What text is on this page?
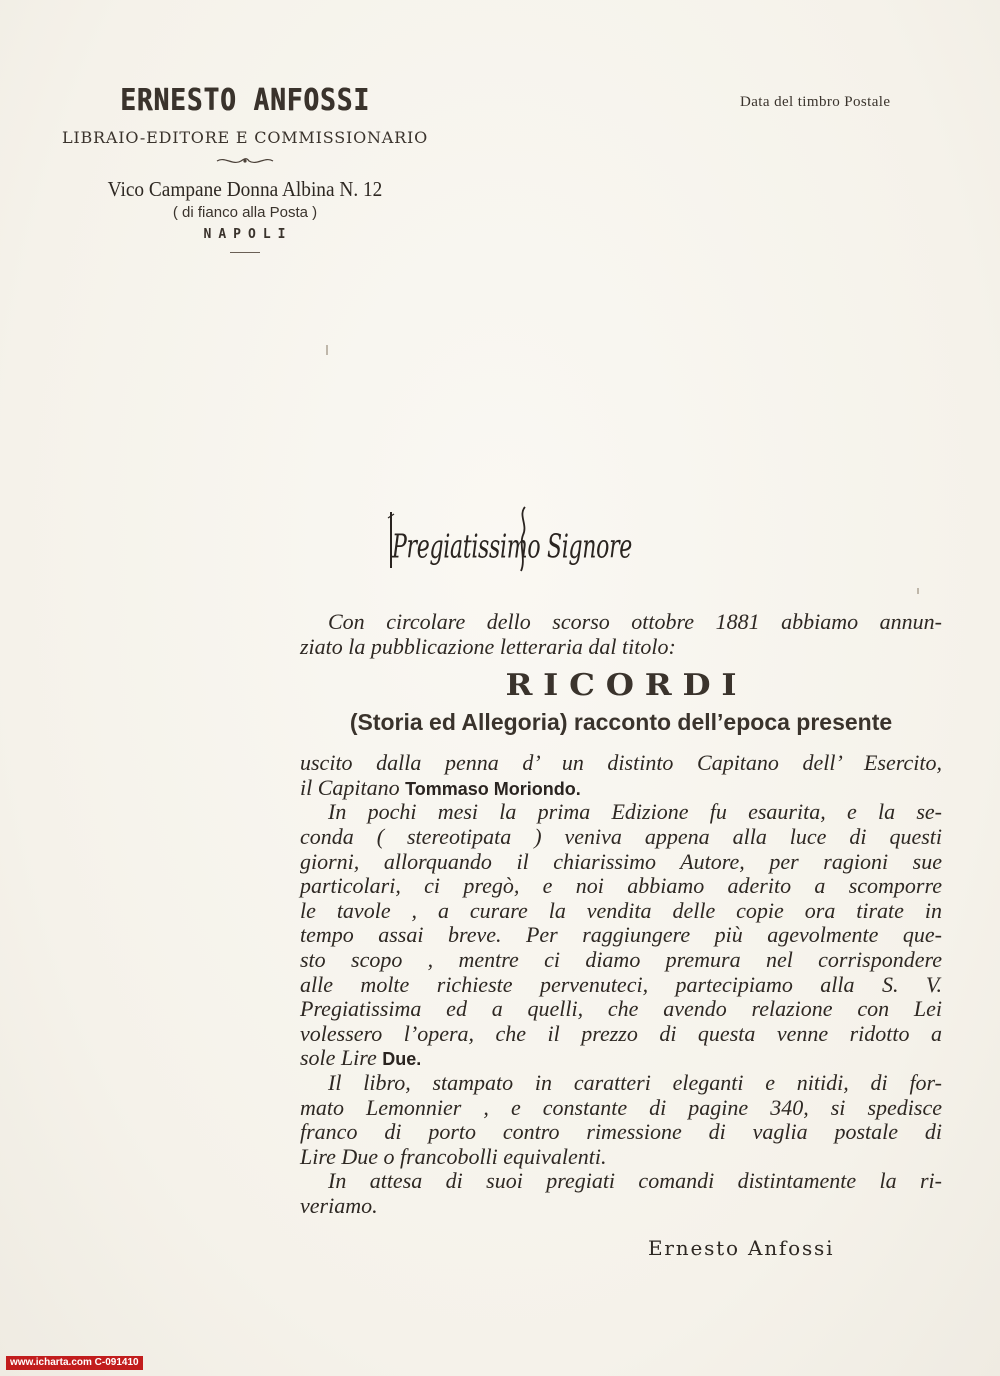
ERNESTO ANFOSSI
LIBRAIO-EDITORE E COMMISSIONARIO
Vico Campane Donna Albina N. 12
( di fianco alla Posta )
NAPOLI
Data del timbro Postale
Pregiatissimo Signore
Con circolare dello scorso ottobre 1881 abbiamo annun-
ziato la pubblicazione letteraria dal titolo:
RICORDI
(Storia ed Allegoria) racconto dell’epoca presente
uscito dalla penna d’ un distinto Capitano dell’ Esercito,
il Capitano Tommaso Moriondo.
In pochi mesi la prima Edizione fu esaurita, e la se-
conda ( stereotipata ) veniva appena alla luce di questi
giorni, allorquando il chiarissimo Autore, per ragioni sue
particolari, ci pregò, e noi abbiamo aderito a scomporre
le tavole , a curare la vendita delle copie ora tirate in
tempo assai breve. Per raggiungere più agevolmente que-
sto scopo , mentre ci diamo premura nel corrispondere
alle molte richieste pervenuteci, partecipiamo alla S. V.
Pregiatissima ed a quelli, che avendo relazione con Lei
volessero l’opera, che il prezzo di questa venne ridotto a
sole Lire Due.
Il libro, stampato in caratteri eleganti e nitidi, di for-
mato Lemonnier , e constante di pagine 340, si spedisce
franco di porto contro rimessione di vaglia postale di
Lire Due o francobolli equivalenti.
In attesa di suoi pregiati comandi distintamente la ri-
veriamo.
Ernesto Anfossi
www.icharta.com C-091410
